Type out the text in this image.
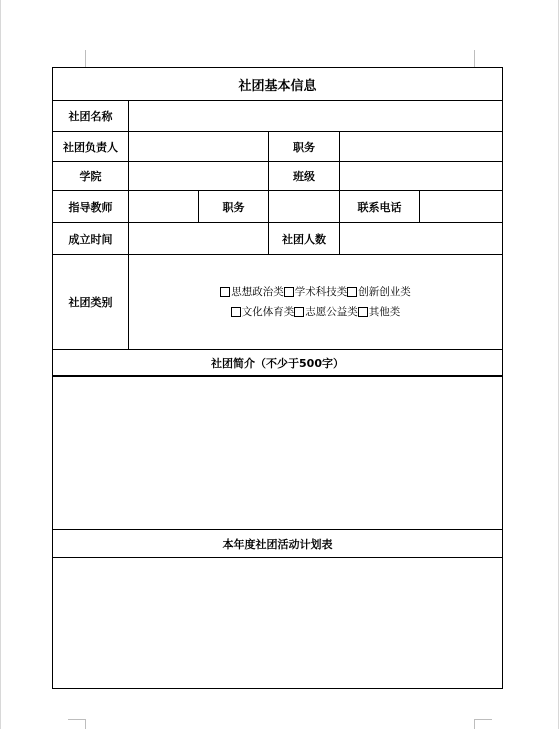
社团基本信息
社团名称
社团负责人	职务
学院	班级
指导教师	职务	联系电话
成立时间	社团人数
社团类别
思想政治类 学术科技类 创新创业类
文化体育类 志愿公益类 其他类
社团简介（不少于500字）
本年度社团活动计划表
